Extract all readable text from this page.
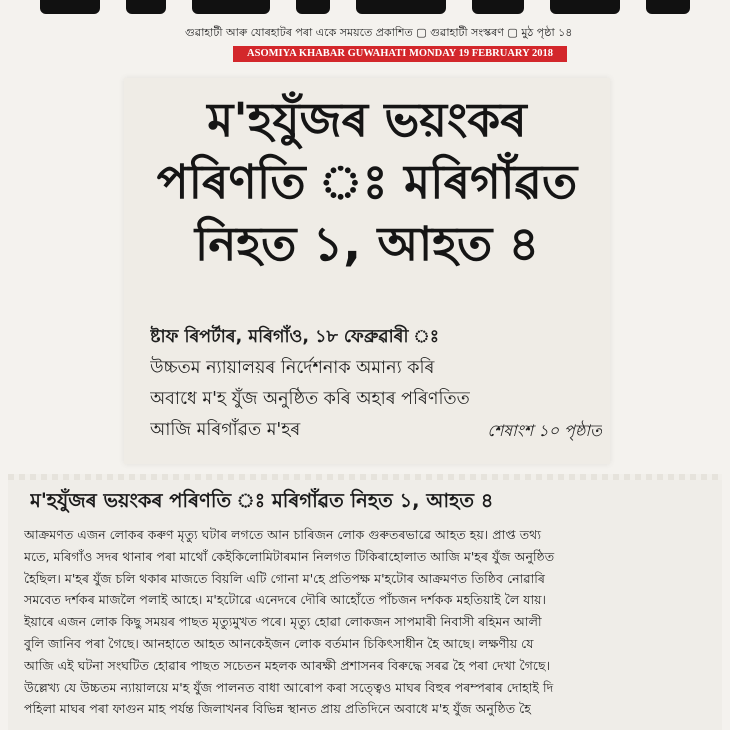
গুৱাহাটী আৰু যোৰহাটৰ পৰা একে সময়তে প্ৰকাশিত ▢ গুৱাহাটী সংস্কৰণ ▢ মুঠ পৃষ্ঠা ১৪
ASOMIYA KHABAR GUWAHATI MONDAY 19 FEBRUARY 2018
ম'হযুঁজৰ ভয়ংকৰ
পৰিণতি ঃ মৰিগাঁৱত
নিহত ১, আহত ৪
ষ্টাফ ৰিপৰ্টাৰ, মৰিগাঁও, ১৮ ফেব্ৰুৱাৰী ঃ
উচ্চতম ন্যায়ালয়ৰ নিৰ্দেশনাক অমান্য কৰি
অবাধে ম'হ যুঁজ অনুষ্ঠিত কৰি অহাৰ পৰিণতিত
আজি মৰিগাঁৱত ম'হৰ	শেষাংশ ১০ পৃষ্ঠাত
ম'হযুঁজৰ ভয়ংকৰ পৰিণতি ঃ মৰিগাঁৱত নিহত ১, আহত ৪
আক্ৰমণত এজন লোকৰ কৰুণ মৃত্যু ঘটাৰ লগতে আন চাৰিজন লোক গুৰুতৰভাৱে আহত হয়। প্ৰাপ্ত তথ্য
মতে, মৰিগাঁও সদৰ থানাৰ পৰা মাথোঁ কেইকিলোমিটাৰমান নিলগত টিকিৰাহোলাত আজি ম'হৰ যুঁজ অনুষ্ঠিত
হৈছিল। ম'হৰ যুঁজ চলি থকাৰ মাজতে বিয়লি এটি গোনা ম'হে প্ৰতিপক্ষ ম'হটোৰ আক্ৰমণত তিষ্ঠিব নোৱাৰি
সমবেত দৰ্শকৰ মাজলৈ পলাই আহে। ম'হটোৱে এনেদৰে দৌৰি আহোঁতে পাঁচজন দৰ্শকক মহতিয়াই লৈ যায়।
ইয়াৰে এজন লোক কিছু সময়ৰ পাছত মৃত্যুমুখত পৰে। মৃত্যু হোৱা লোকজন সাপমাৰী নিবাসী ৰহিমন আলী
বুলি জানিব পৰা গৈছে। আনহাতে আহত আনকেইজন লোক বৰ্তমান চিকিৎসাধীন হৈ আছে। লক্ষণীয় যে
আজি এই ঘটনা সংঘটিত হোৱাৰ পাছত সচেতন মহলক আৰক্ষী প্ৰশাসনৰ বিৰুদ্ধে সৰৱ হৈ পৰা দেখা গৈছে।
উল্লেখ্য যে উচ্চতম ন্যায়ালয়ে ম'হ যুঁজ পালনত বাধা আৰোপ কৰা সত্ত্বেও মাঘৰ বিহুৰ পৰম্পৰাৰ দোহাই দি
পহিলা মাঘৰ পৰা ফাগুন মাহ পৰ্যন্ত জিলাখনৰ বিভিন্ন স্থানত প্ৰায় প্ৰতিদিনে অবাধে ম'হ যুঁজ অনুষ্ঠিত হৈ
